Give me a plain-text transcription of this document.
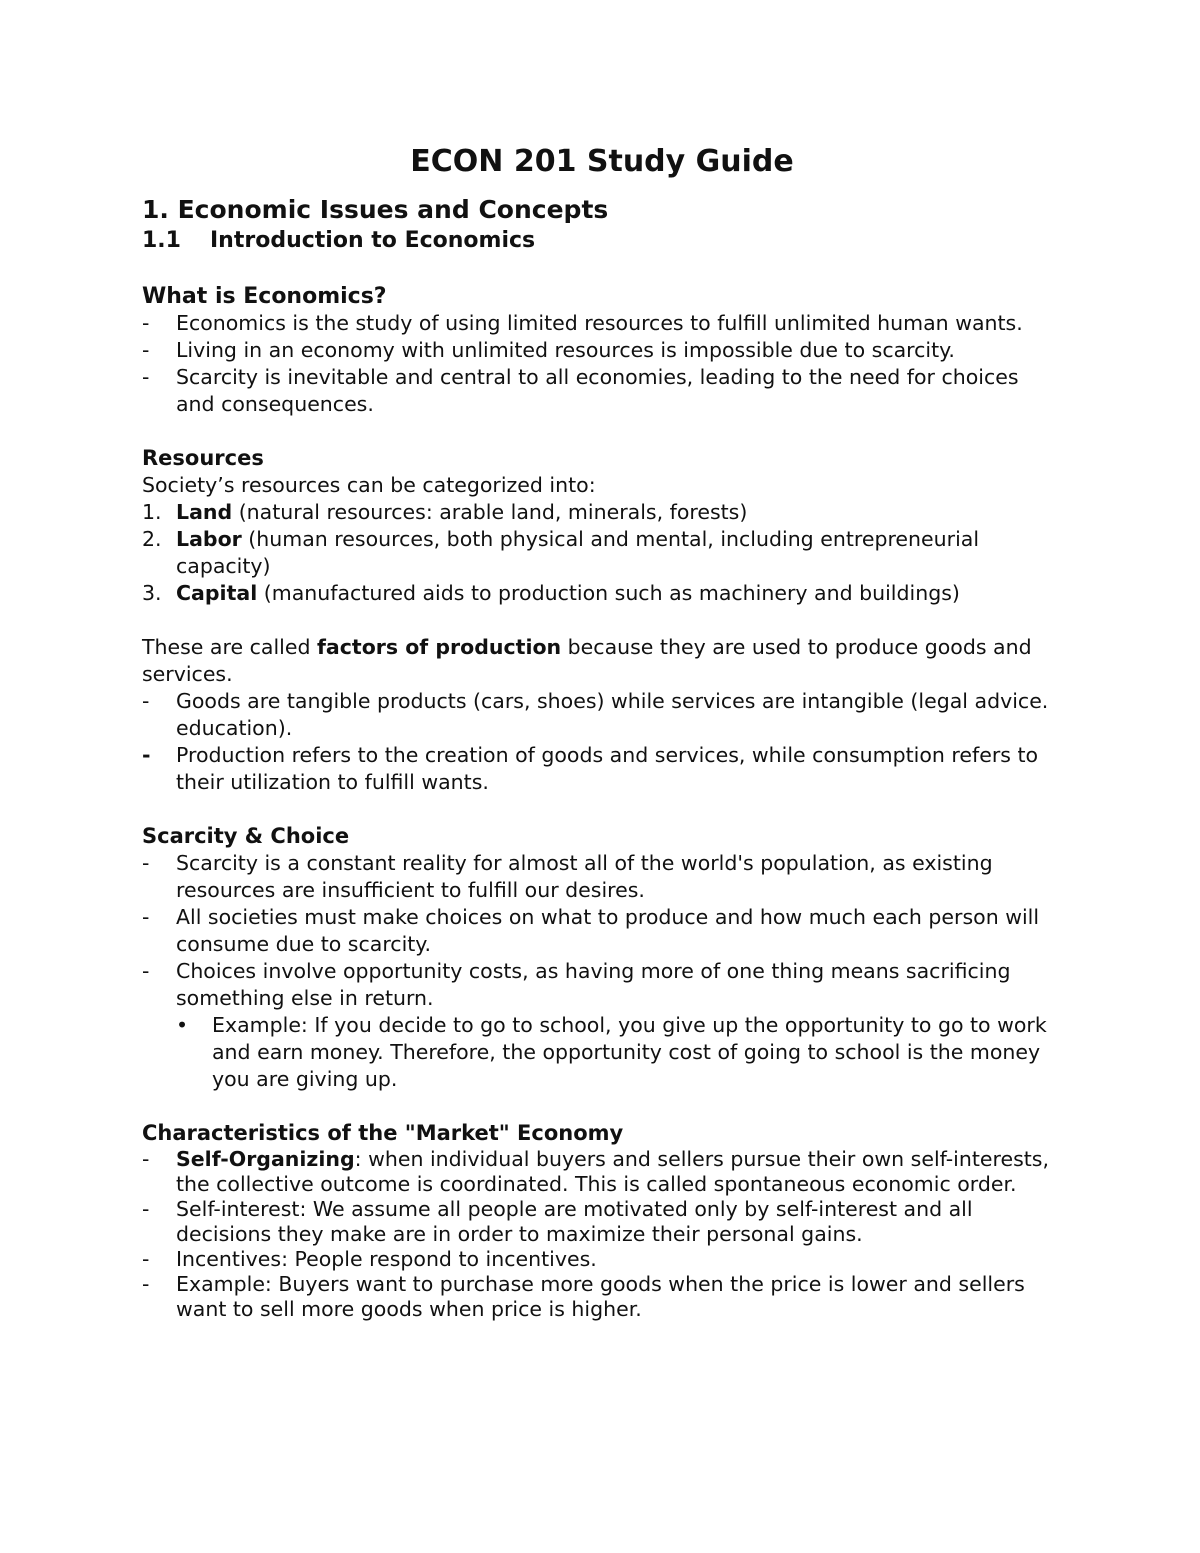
ECON 201 Study Guide
1. Economic Issues and Concepts
1.1 Introduction to Economics
What is Economics?
- Economics is the study of using limited resources to fulfill unlimited human wants.
- Living in an economy with unlimited resources is impossible due to scarcity.
- Scarcity is inevitable and central to all economies, leading to the need for choices and consequences.
Resources
Society’s resources can be categorized into:
1. Land (natural resources: arable land, minerals, forests)
2. Labor (human resources, both physical and mental, including entrepreneurial capacity)
3. Capital (manufactured aids to production such as machinery and buildings)
These are called factors of production because they are used to produce goods and services.
- Goods are tangible products (cars, shoes) while services are intangible (legal advice. education).
- Production refers to the creation of goods and services, while consumption refers to their utilization to fulfill wants.
Scarcity & Choice
- Scarcity is a constant reality for almost all of the world's population, as existing resources are insufficient to fulfill our desires.
- All societies must make choices on what to produce and how much each person will consume due to scarcity.
- Choices involve opportunity costs, as having more of one thing means sacrificing something else in return.
• Example: If you decide to go to school, you give up the opportunity to go to work and earn money. Therefore, the opportunity cost of going to school is the money you are giving up.
Characteristics of the "Market" Economy
- Self-Organizing: when individual buyers and sellers pursue their own self-interests, the collective outcome is coordinated. This is called spontaneous economic order.
- Self-interest: We assume all people are motivated only by self-interest and all decisions they make are in order to maximize their personal gains.
- Incentives: People respond to incentives.
- Example: Buyers want to purchase more goods when the price is lower and sellers want to sell more goods when price is higher.
